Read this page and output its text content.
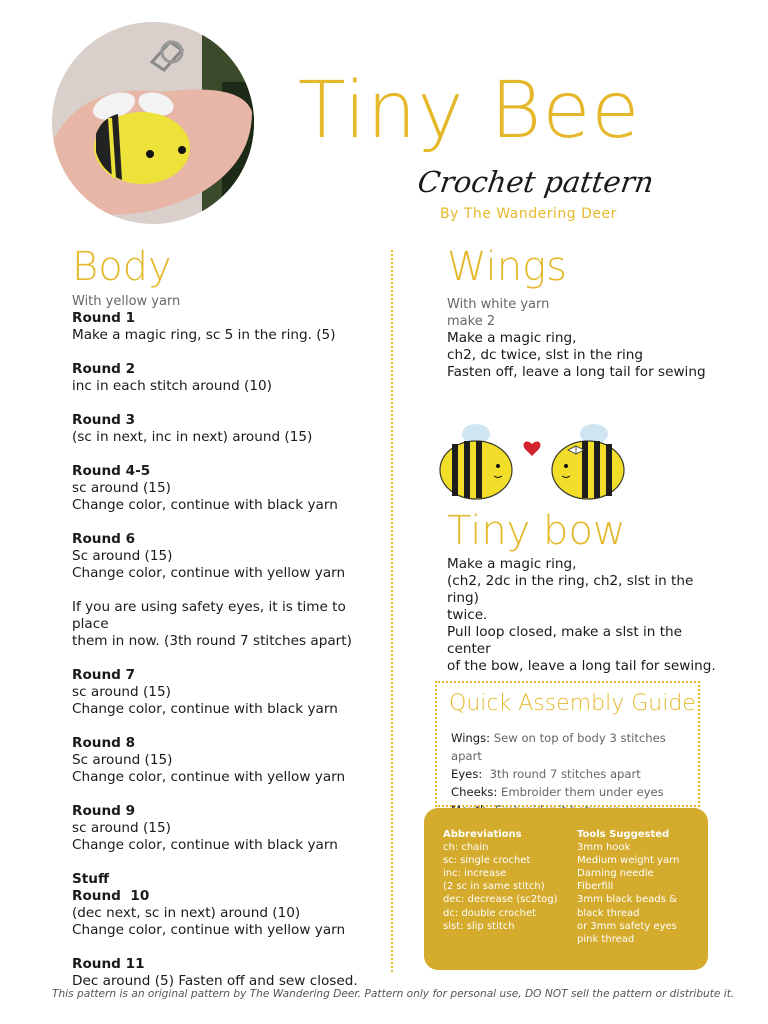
Tiny Bee
Crochet pattern
By The Wandering Deer
Body
With yellow yarn
Round 1
Make a magic ring, sc 5 in the ring. (5)
Round 2
inc in each stitch around (10)
Round 3
(sc in next, inc in next) around (15)
Round 4-5
sc around (15)
Change color, continue with black yarn
Round 6
Sc around (15)
Change color, continue with yellow yarn
If you are using safety eyes, it is time to place
them in now. (3th round 7 stitches apart)
Round 7
sc around (15)
Change color, continue with black yarn
Round 8
Sc around (15)
Change color, continue with yellow yarn
Round 9
sc around (15)
Change color, continue with black yarn
Stuff
Round  10
(dec next, sc in next) around (10)
Change color, continue with yellow yarn
Round 11
Dec around (5) Fasten off and sew closed.
Wings
With white yarn
make 2
Make a magic ring,
ch2, dc twice, slst in the ring
Fasten off, leave a long tail for sewing
Tiny bow
Make a magic ring,
(ch2, 2dc in the ring, ch2, slst in the ring)
twice.
Pull loop closed, make a slst in the center
of the bow, leave a long tail for sewing.
Quick Assembly Guide
Wings: Sew on top of body 3 stitches apart
Eyes:  3th round 7 stitches apart
Cheeks: Embroider them under eyes
Abbreviations
ch: chain
sc: single crochet
inc: increase
(2 sc in same stitch)
dec: decrease (sc2tog)
dc: double crochet
slst: slip stitch
Tools Suggested
3mm hook
Medium weight yarn
Darning needle
Fiberfill
3mm black beads &
black thread
or 3mm safety eyes
pink thread
This pattern is an original pattern by The Wandering Deer. Pattern only for personal use, DO NOT sell the pattern or distribute it.
